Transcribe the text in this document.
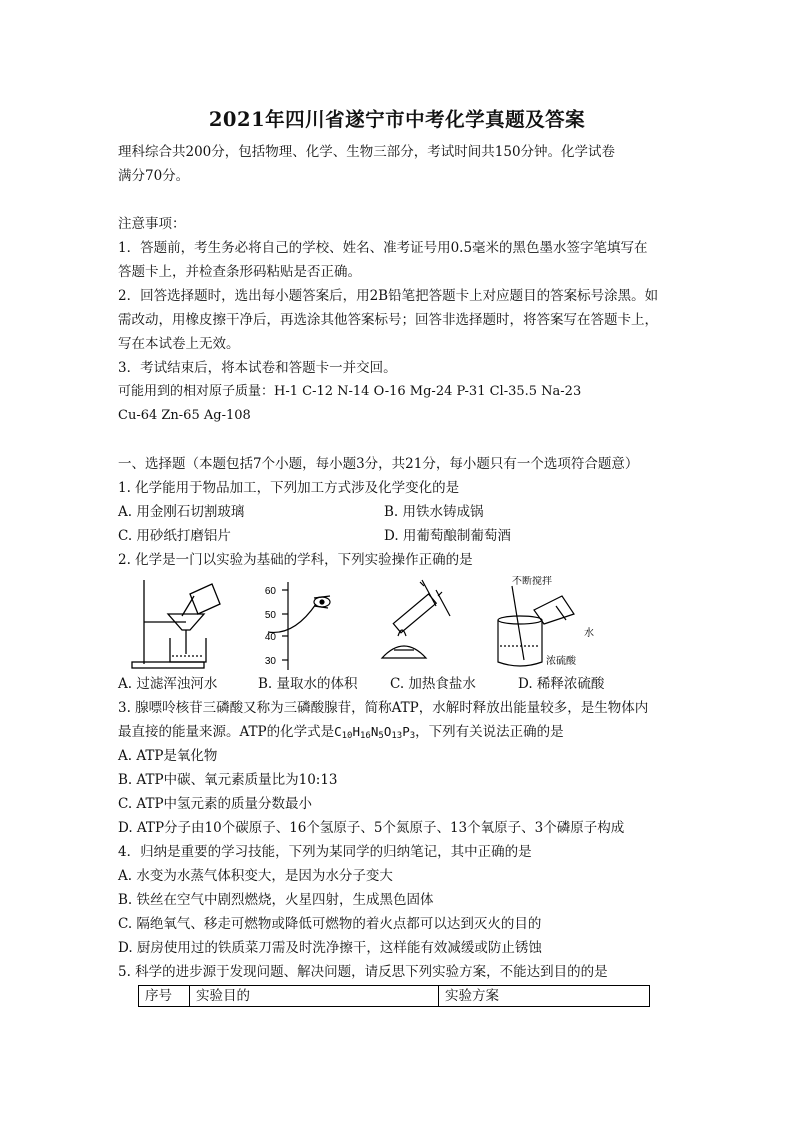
2021年四川省遂宁市中考化学真题及答案
理科综合共200分，包括物理、化学、生物三部分，考试时间共150分钟。化学试卷
满分70分。
注意事项：
1．答题前，考生务必将自己的学校、姓名、准考证号用0.5毫米的黑色墨水签字笔填写在
答题卡上，并检查条形码粘贴是否正确。
2．回答选择题时，选出每小题答案后，用2B铅笔把答题卡上对应题目的答案标号涂黑。如
需改动，用橡皮擦干净后，再选涂其他答案标号；回答非选择题时，将答案写在答题卡上，
写在本试卷上无效。
3．考试结束后，将本试卷和答题卡一并交回。
可能用到的相对原子质量：H-1 C-12 N-14 O-16 Mg-24 P-31 Cl-35.5 Na-23
Cu-64 Zn-65 Ag-108
一、选择题（本题包括7个小题，每小题3分，共21分，每小题只有一个选项符合题意）
1. 化学能用于物品加工，下列加工方式涉及化学变化的是
A. 用金刚石切割玻璃	B. 用铁水铸成锅
C. 用砂纸打磨铝片	D. 用葡萄酿制葡萄酒
2. 化学是一门以实验为基础的学科，下列实验操作正确的是
60
50
40
30
不断搅拌
水
浓硫酸
A. 过滤浑浊河水	B. 量取水的体积 C. 加热食盐水	D. 稀释浓硫酸
3. 腺嘌呤核苷三磷酸又称为三磷酸腺苷，简称ATP，水解时释放出能量较多，是生物体内
最直接的能量来源。ATP的化学式是$C_{10}H_{16}N_5O_{13}P_3$，下列有关说法正确的是
A. ATP是氧化物
B. ATP中碳、氧元素质量比为10:13
C. ATP中氢元素的质量分数最小
D. ATP分子由10个碳原子、16个氢原子、5个氮原子、13个氧原子、3个磷原子构成
4．归纳是重要的学习技能，下列为某同学的归纳笔记，其中正确的是
A. 水变为水蒸气体积变大，是因为水分子变大
B. 铁丝在空气中剧烈燃烧，火星四射，生成黑色固体
C. 隔绝氧气、移走可燃物或降低可燃物的着火点都可以达到灭火的目的
D. 厨房使用过的铁质菜刀需及时洗净擦干，这样能有效减缓或防止锈蚀
5. 科学的进步源于发现问题、解决问题，请反思下列实验方案，不能达到目的的是
序号	实验目的	实验方案
